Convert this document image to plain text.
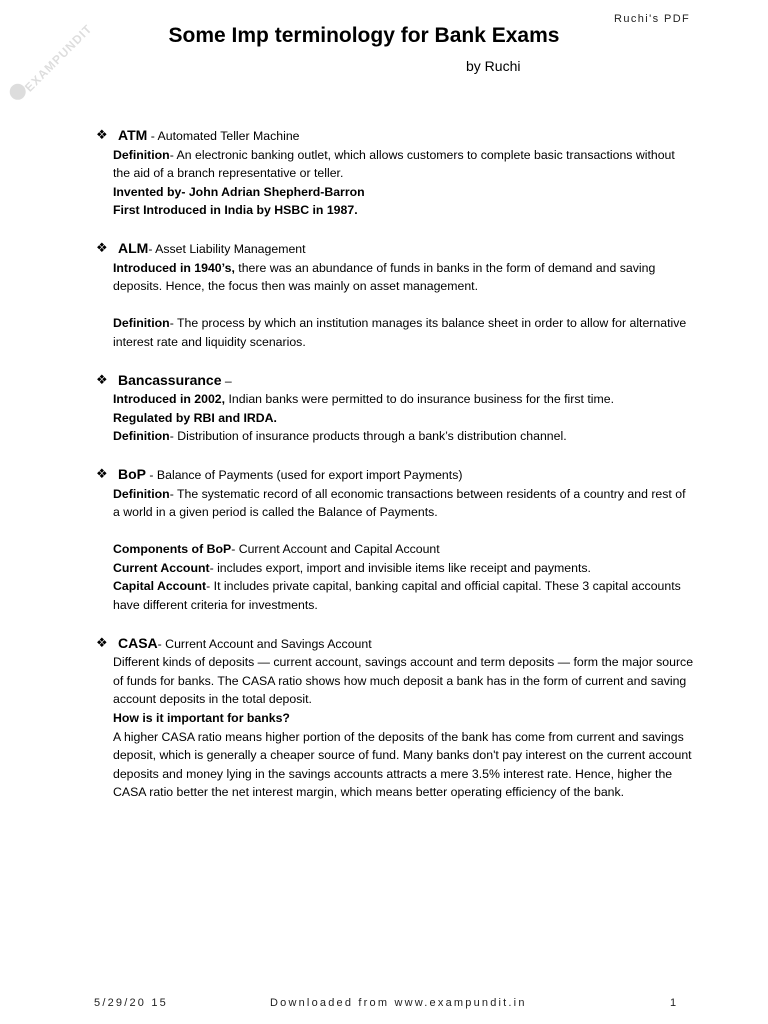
Ruchi's PDF
EXAMPUNDIT	Some Imp terminology for Bank Exams
by Ruchi
❖ ATM - Automated Teller Machine
Definition- An electronic banking outlet, which allows customers to complete basic transactions without the aid of a branch representative or teller.
Invented by- John Adrian Shepherd-Barron
First Introduced in India by HSBC in 1987.
❖ ALM- Asset Liability Management
Introduced in 1940’s, there was an abundance of funds in banks in the form of demand and saving deposits. Hence, the focus then was mainly on asset management.
Definition- The process by which an institution manages its balance sheet in order to allow for alternative interest rate and liquidity scenarios.
❖ Bancassurance –
Introduced in 2002, Indian banks were permitted to do insurance business for the first time.
Regulated by RBI and IRDA.
Definition- Distribution of insurance products through a bank’s distribution channel.
❖ BoP - Balance of Payments (used for export import Payments)
Definition- The systematic record of all economic transactions between residents of a country and rest of a world in a given period is called the Balance of Payments.
Components of BoP- Current Account and Capital Account
Current Account- includes export, import and invisible items like receipt and payments.
Capital Account- It includes private capital, banking capital and official capital. These 3 capital accounts have different criteria for investments.
❖ CASA- Current Account and Savings Account
Different kinds of deposits — current account, savings account and term deposits — form the major source of funds for banks. The CASA ratio shows how much deposit a bank has in the form of current and saving account deposits in the total deposit.
How is it important for banks?
A higher CASA ratio means higher portion of the deposits of the bank has come from current and savings deposit, which is generally a cheaper source of fund. Many banks don't pay interest on the current account deposits and money lying in the savings accounts attracts a mere 3.5% interest rate. Hence, higher the CASA ratio better the net interest margin, which means better operating efficiency of the bank.
5/29/20 15	Downloaded from www.exampundit.in	1
